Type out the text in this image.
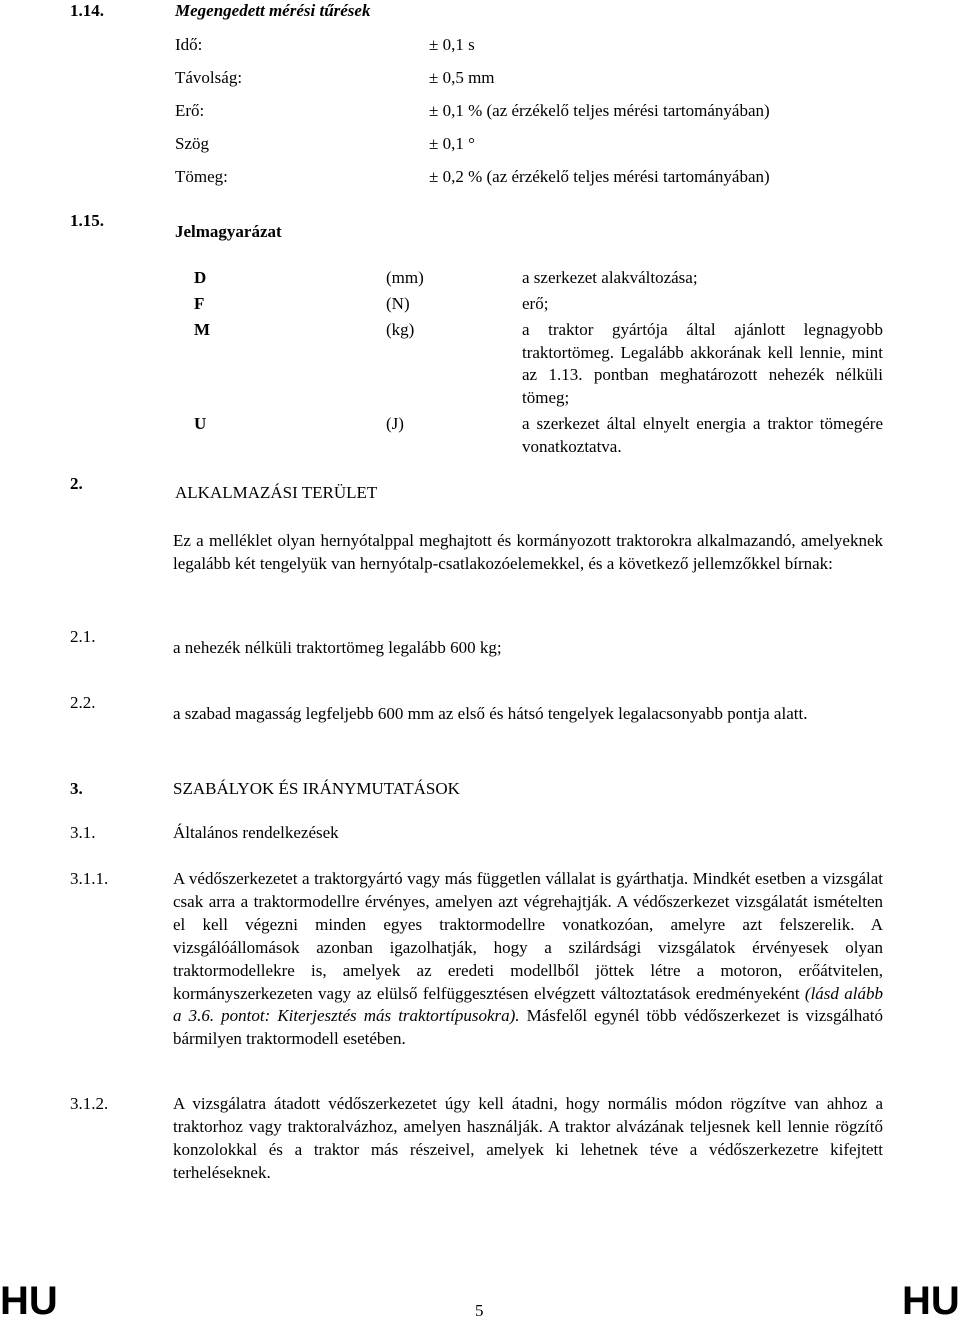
1.14.	Megengedett mérési tűrések
Idő:	± 0,1 s
Távolság:	± 0,5 mm
Erő:	± 0,1 % (az érzékelő teljes mérési tartományában)
Szög	± 0,1 °
Tömeg:	± 0,2 % (az érzékelő teljes mérési tartományában)
1.15.
Jelmagyarázat
D	(mm)	a szerkezet alakváltozása;
F	(N)	erő;
M	(kg)	a traktor gyártója által ajánlott legnagyobb traktortömeg. Legalább akkorának kell lennie, mint az 1.13. pontban meghatározott nehezék nélküli tömeg;
U	(J)	a szerkezet által elnyelt energia a traktor tömegére vonatkoztatva.
2.	ALKALMAZÁSI TERÜLET
Ez a melléklet olyan hernyótalppal meghajtott és kormányozott traktorokra alkalmazandó, amelyeknek legalább két tengelyük van hernyótalp-csatlakozóelemekkel, és a következő jellemzőkkel bírnak:
2.1.
a nehezék nélküli traktortömeg legalább 600 kg;
2.2.
a szabad magasság legfeljebb 600 mm az első és hátsó tengelyek legalacsonyabb pontja alatt.
3.	SZABÁLYOK ÉS IRÁNYMUTATÁSOK
3.1.	Általános rendelkezések
3.1.1.	A védőszerkezetet a traktorgyártó vagy más független vállalat is gyárthatja. Mindkét esetben a vizsgálat csak arra a traktormodellre érvényes, amelyen azt végrehajtják. A védőszerkezet vizsgálatát ismételten el kell végezni minden egyes traktormodellre vonatkozóan, amelyre azt felszerelik. A vizsgálóállomások azonban igazolhatják, hogy a szilárdsági vizsgálatok érvényesek olyan traktormodellekre is, amelyek az eredeti modellből jöttek létre a motoron, erőátvitelen, kormányszerkezeten vagy az elülső felfüggesztésen elvégzett változtatások eredményeként (lásd alább a 3.6. pontot: Kiterjesztés más traktortípusokra). Másfelől egynél több védőszerkezet is vizsgálható bármilyen traktormodell esetében.
3.1.2.	A vizsgálatra átadott védőszerkezetet úgy kell átadni, hogy normális módon rögzítve van ahhoz a traktorhoz vagy traktoralvázhoz, amelyen használják. A traktor alvázának teljesnek kell lennie rögzítő konzolokkal és a traktor más részeivel, amelyek ki lehetnek téve a védőszerkezetre kifejtett terheléseknek.
HU	5	HU
